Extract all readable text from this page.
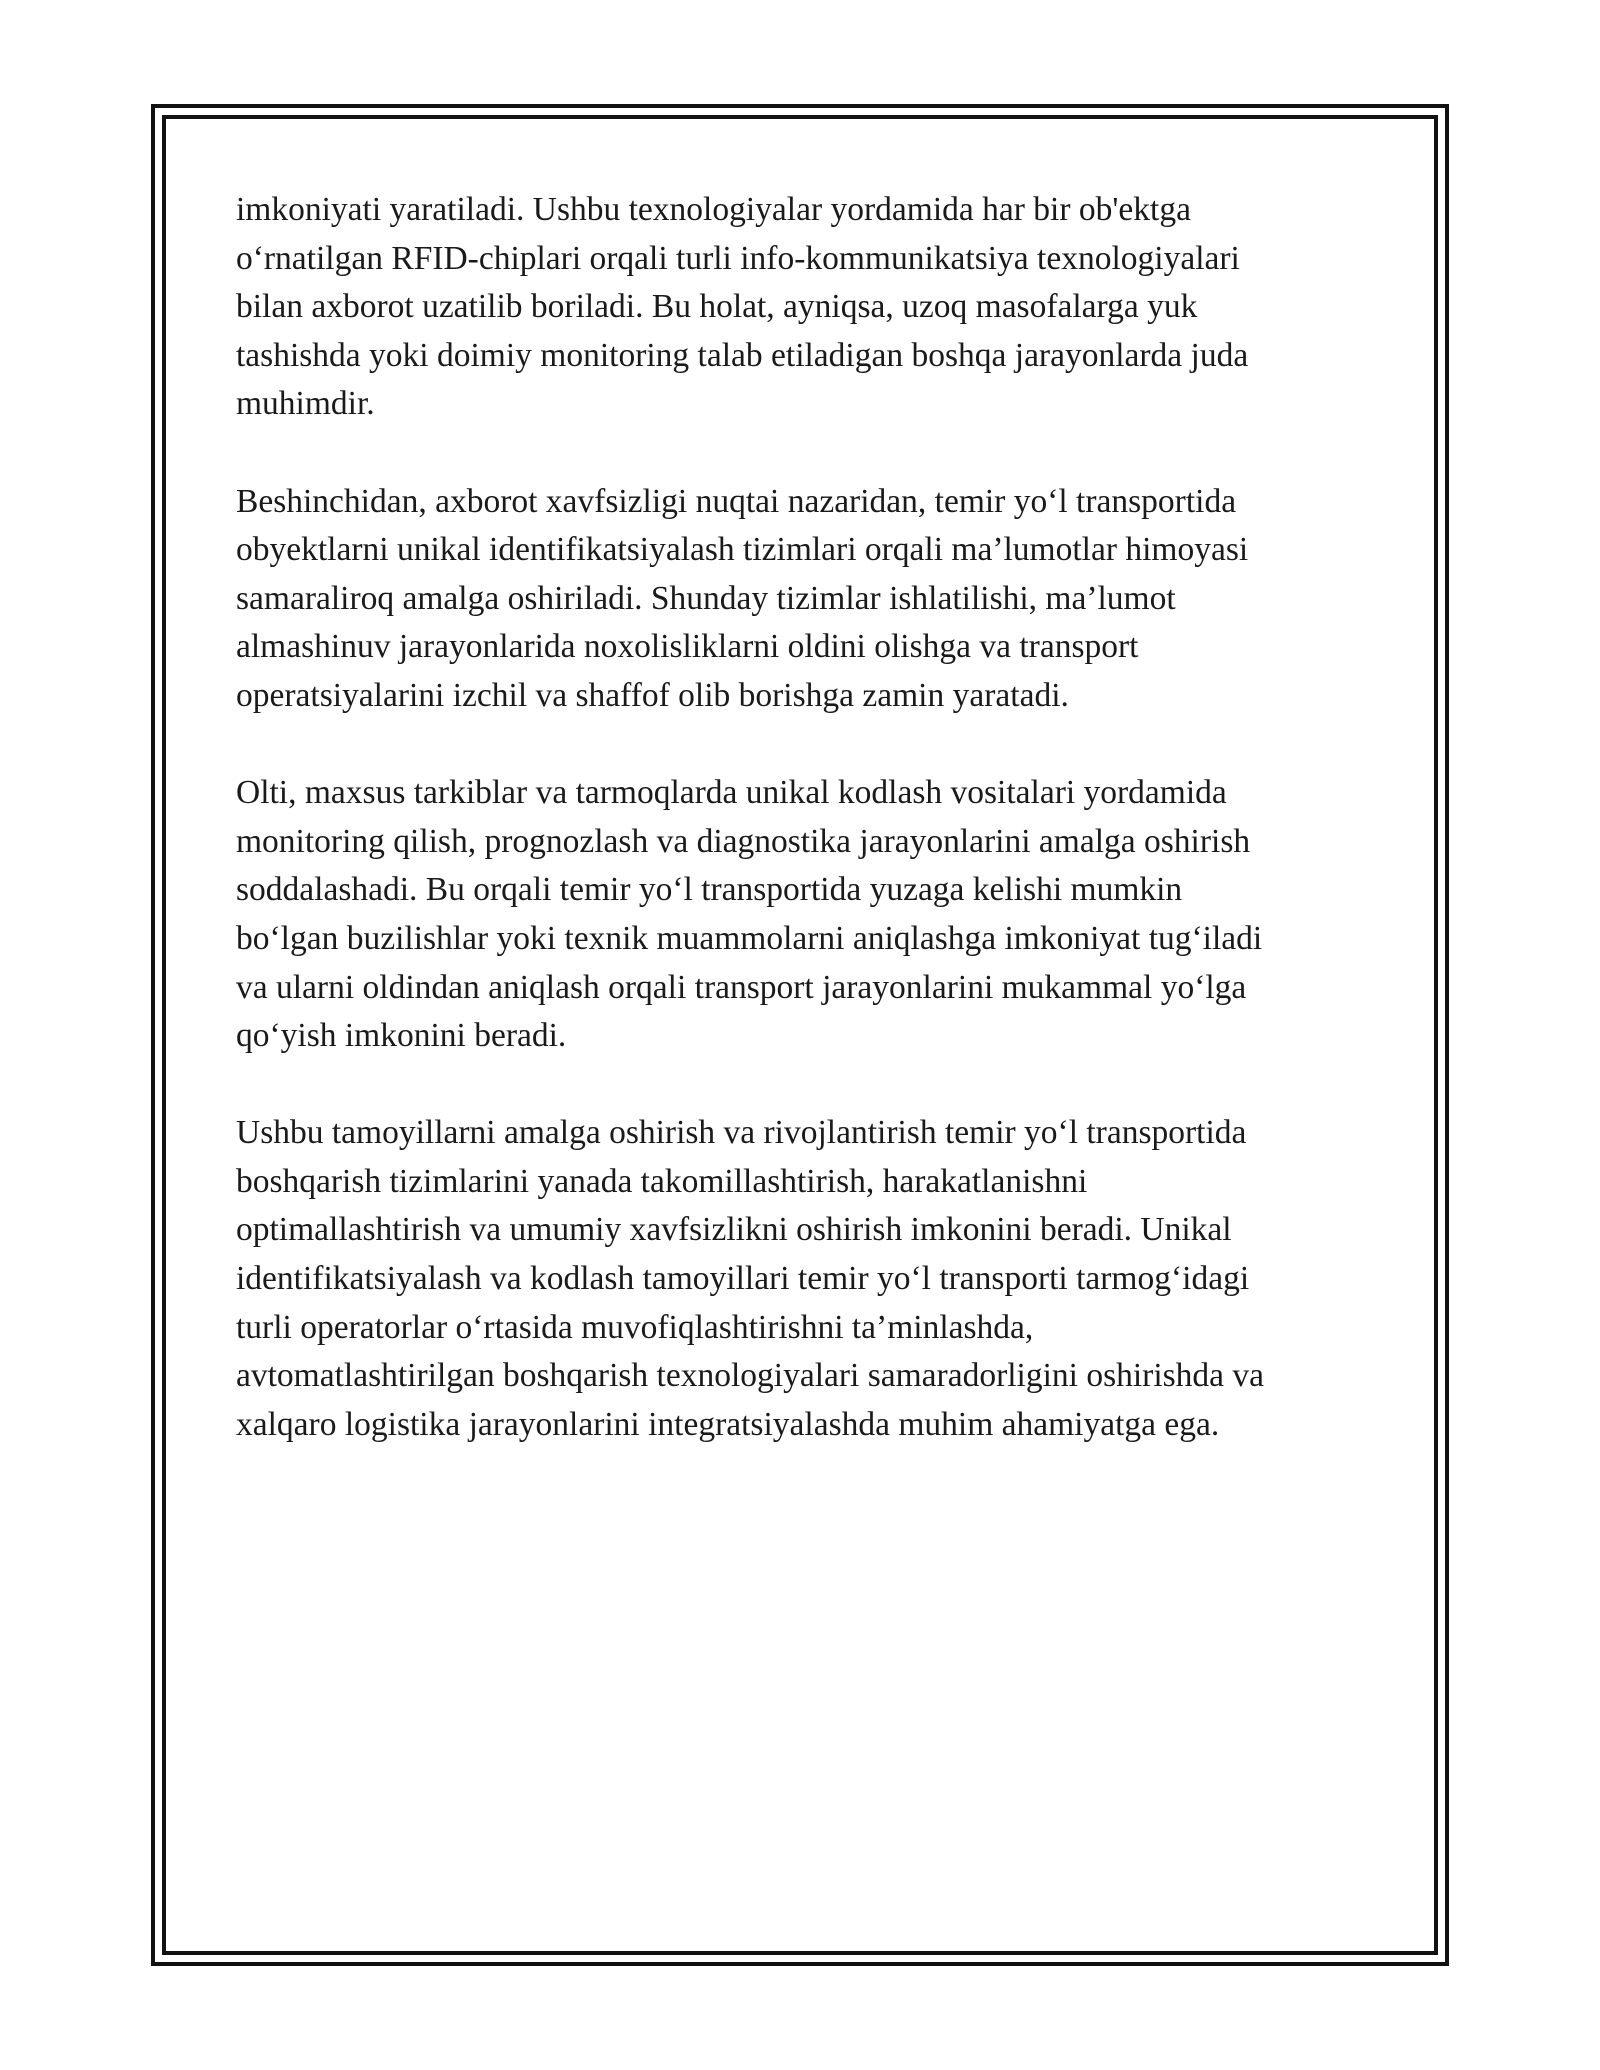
imkoniyati yaratiladi. Ushbu texnologiyalar yordamida har bir ob'ektga
o‘rnatilgan RFID-chiplari orqali turli info-kommunikatsiya texnologiyalari
bilan axborot uzatilib boriladi. Bu holat, ayniqsa, uzoq masofalarga yuk
tashishda yoki doimiy monitoring talab etiladigan boshqa jarayonlarda juda
muhimdir.

Beshinchidan, axborot xavfsizligi nuqtai nazaridan, temir yo‘l transportida
obyektlarni unikal identifikatsiyalash tizimlari orqali ma’lumotlar himoyasi
samaraliroq amalga oshiriladi. Shunday tizimlar ishlatilishi, ma’lumot
almashinuv jarayonlarida noxolisliklarni oldini olishga va transport
operatsiyalarini izchil va shaffof olib borishga zamin yaratadi.

Olti, maxsus tarkiblar va tarmoqlarda unikal kodlash vositalari yordamida
monitoring qilish, prognozlash va diagnostika jarayonlarini amalga oshirish
soddalashadi. Bu orqali temir yo‘l transportida yuzaga kelishi mumkin
bo‘lgan buzilishlar yoki texnik muammolarni aniqlashga imkoniyat tug‘iladi
va ularni oldindan aniqlash orqali transport jarayonlarini mukammal yo‘lga
qo‘yish imkonini beradi.

Ushbu tamoyillarni amalga oshirish va rivojlantirish temir yo‘l transportida
boshqarish tizimlarini yanada takomillashtirish, harakatlanishni
optimallashtirish va umumiy xavfsizlikni oshirish imkonini beradi. Unikal
identifikatsiyalash va kodlash tamoyillari temir yo‘l transporti tarmog‘idagi
turli operatorlar o‘rtasida muvofiqlashtirishni ta’minlashda,
avtomatlashtirilgan boshqarish texnologiyalari samaradorligini oshirishda va
xalqaro logistika jarayonlarini integratsiyalashda muhim ahamiyatga ega.
